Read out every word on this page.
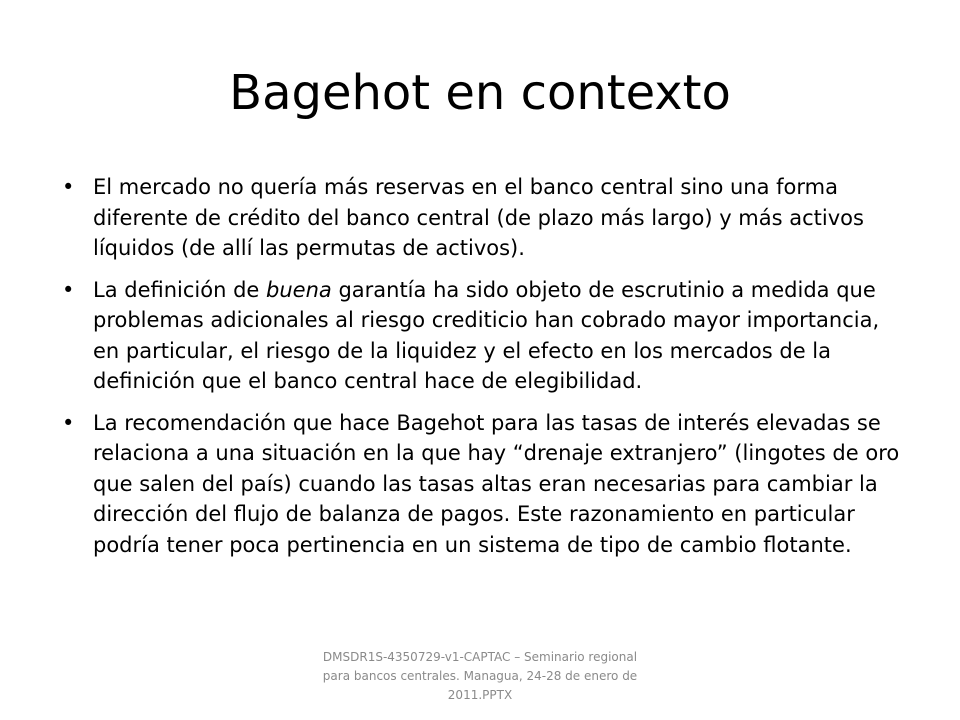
Bagehot en contexto
• El mercado no quería más reservas en el banco central sino una forma diferente de crédito del banco central (de plazo más largo) y más activos líquidos (de allí las permutas de activos).
• La definición de buena garantía ha sido objeto de escrutinio a medida que problemas adicionales al riesgo crediticio han cobrado mayor importancia, en particular, el riesgo de la liquidez y el efecto en los mercados de la definición que el banco central hace de elegibilidad.
• La recomendación que hace Bagehot para las tasas de interés elevadas se relaciona a una situación en la que hay “drenaje extranjero” (lingotes de oro que salen del país) cuando las tasas altas eran necesarias para cambiar la dirección del flujo de balanza de pagos. Este razonamiento en particular podría tener poca pertinencia en un sistema de tipo de cambio flotante.
DMSDR1S-4350729-v1-CAPTAC – Seminario regional para bancos centrales. Managua, 24-28 de enero de 2011.PPTX
